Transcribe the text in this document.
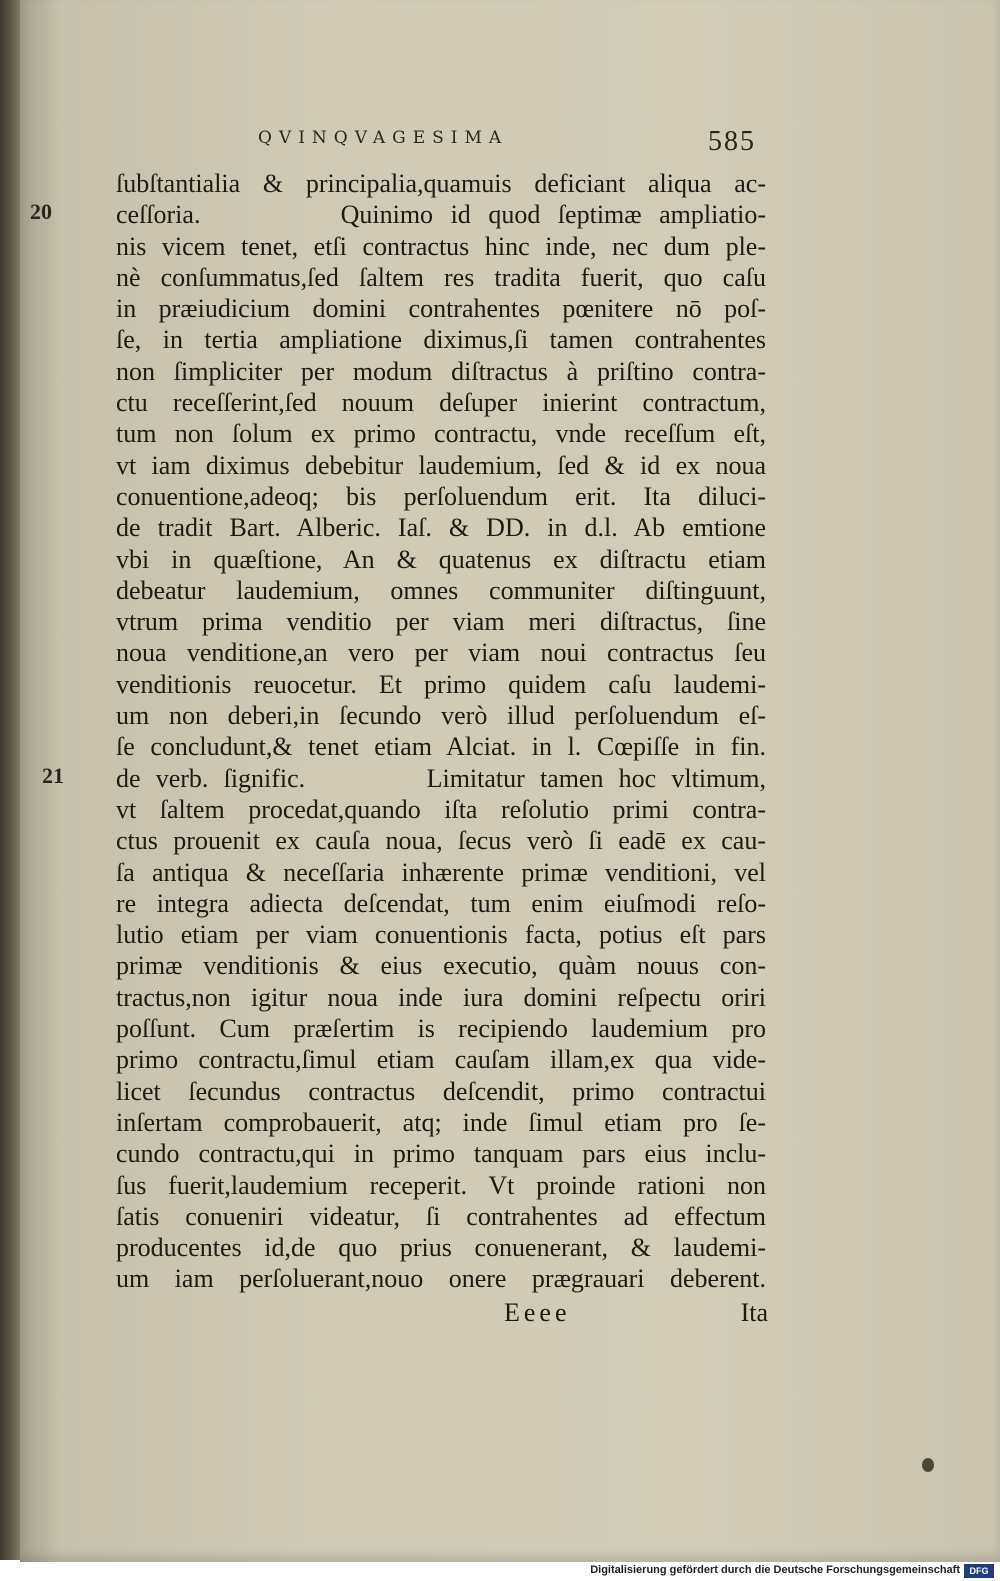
QVINQVAGESIMA	585
20
21
ſubſtantialia & principalia,quamuis deficiant aliqua ac-
ceſſoria.        Quinimo id quod ſeptimæ ampliatio-
nis vicem tenet, etſi contractus hinc inde, nec dum ple-
nè conſummatus,ſed ſaltem res tradita fuerit, quo caſu
in præiudicium domini contrahentes pœnitere nō poſ-
ſe, in tertia ampliatione diximus,ſi tamen contrahentes
non ſimpliciter per modum diſtractus à priſtino contra-
ctu receſſerint,ſed nouum deſuper inierint contractum,
tum non ſolum ex primo contractu, vnde receſſum eſt,
vt iam diximus debebitur laudemium, ſed & id ex noua
conuentione,adeoq; bis perſoluendum erit. Ita diluci-
de tradit Bart. Alberic. Iaſ. & DD. in d.l. Ab emtione
vbi in quæſtione, An & quatenus ex diſtractu etiam
debeatur laudemium, omnes communiter diſtinguunt,
vtrum prima venditio per viam meri diſtractus, ſine
noua venditione,an vero per viam noui contractus ſeu
venditionis reuocetur. Et primo quidem caſu laudemi-
um non deberi,in ſecundo verò illud perſoluendum eſ-
ſe concludunt,& tenet etiam Alciat. in l. Cœpiſſe in fin.
de verb. ſignific.        Limitatur tamen hoc vltimum,
vt ſaltem procedat,quando iſta reſolutio primi contra-
ctus prouenit ex cauſa noua, ſecus verò ſi eadē ex cau-
ſa antiqua & neceſſaria inhærente primæ venditioni, vel
re integra adiecta deſcendat, tum enim eiuſmodi reſo-
lutio etiam per viam conuentionis facta, potius eſt pars
primæ venditionis & eius executio, quàm nouus con-
tractus,non igitur noua inde iura domini reſpectu oriri
poſſunt. Cum præſertim is recipiendo laudemium pro
primo contractu,ſimul etiam cauſam illam,ex qua vide-
licet ſecundus contractus deſcendit, primo contractui
inſertam comprobauerit, atq; inde ſimul etiam pro ſe-
cundo contractu,qui in primo tanquam pars eius inclu-
ſus fuerit,laudemium receperit. Vt proinde rationi non
ſatis conueniri videatur, ſi contrahentes ad effectum
producentes id,de quo prius conuenerant, & laudemi-
um iam perſoluerant,nouo onere prægrauari deberent.
Eeee	Ita
Digitalisierung gefördert durch die Deutsche Forschungsgemeinschaft	DFG
